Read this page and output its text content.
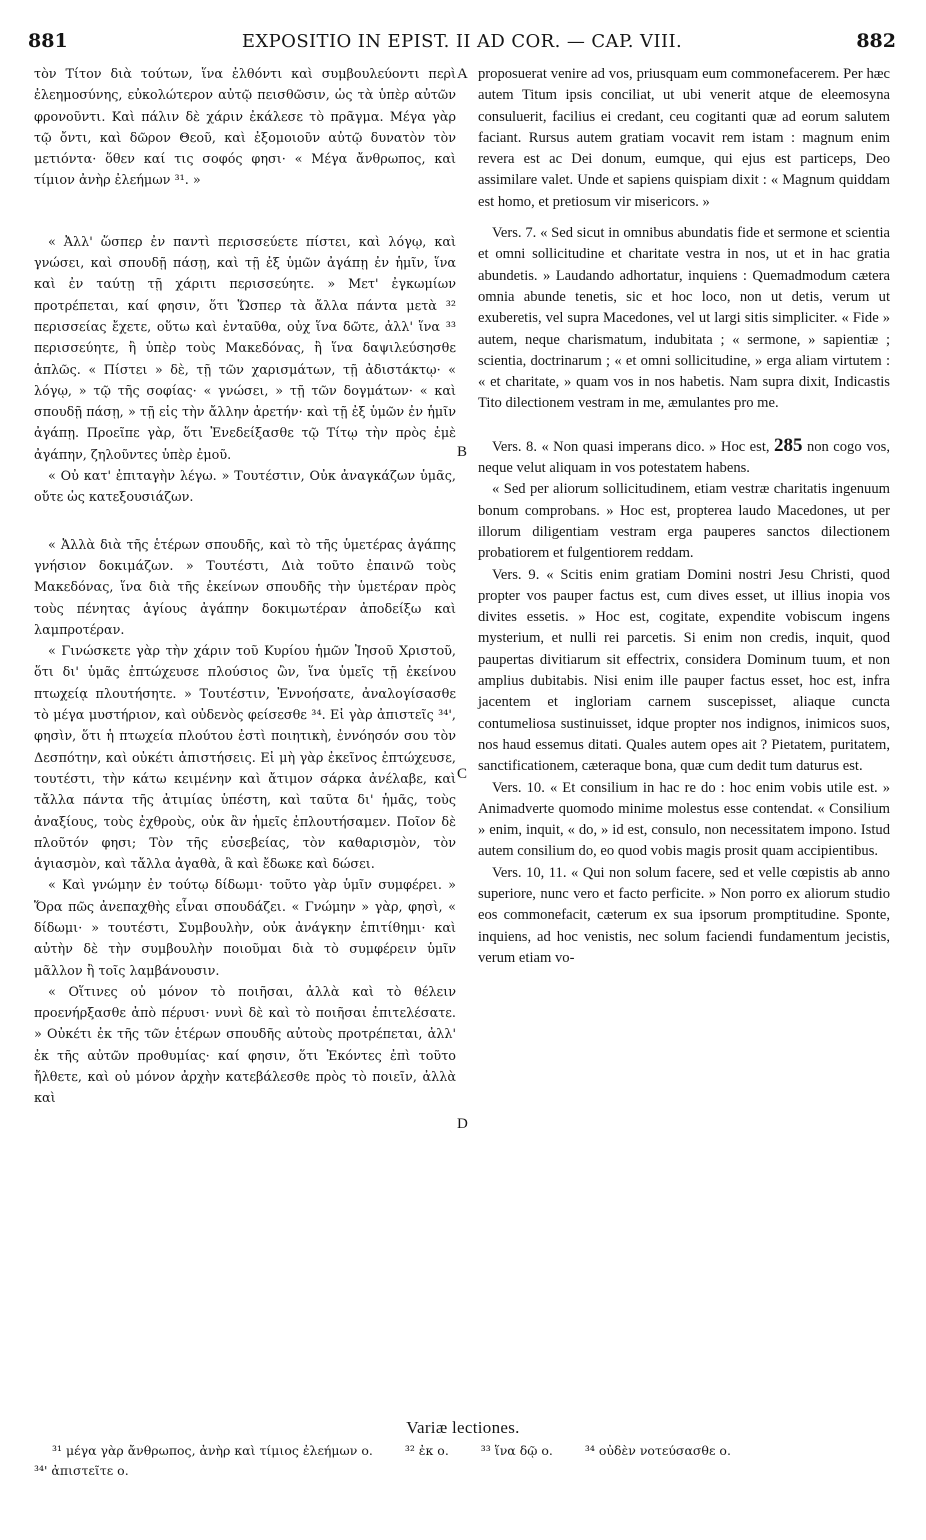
881	EXPOSITIO IN EPIST. II AD COR. — CAP. VIII.	882

τὸν Τίτον διὰ τούτων, ἵνα ἐλθόντι καὶ συμβουλεύοντι περὶ ἐλεημοσύνης, εὐκολώτερον αὐτῷ πεισθῶσιν, ὡς τὰ ὑπὲρ αὐτῶν φρονοῦντι. Καὶ πάλιν δὲ χάριν ἐκάλεσε τὸ πρᾶγμα. Μέγα γὰρ τῷ ὄντι, καὶ δῶρον Θεοῦ, καὶ ἐξομοιοῦν αὐτῷ δυνατὸν τὸν μετιόντα· ὅθεν καί τις σοφός φησι· « Μέγα ἄνθρωπος, καὶ τίμιον ἀνὴρ ἐλεήμων ³¹. »

« Ἀλλ' ὥσπερ ἐν παντὶ περισσεύετε πίστει, καὶ λόγῳ, καὶ γνώσει, καὶ σπουδῇ πάσῃ, καὶ τῇ ἐξ ὑμῶν ἀγάπῃ ἐν ἡμῖν, ἵνα καὶ ἐν ταύτῃ τῇ χάριτι περισσεύητε. » Μετ' ἐγκωμίων προτρέπεται, καί φησιν, ὅτι Ὥσπερ τὰ ἄλλα πάντα μετὰ ³² περισσείας ἔχετε, οὕτω καὶ ἐνταῦθα, οὐχ ἵνα δῶτε, ἀλλ' ἵνα ³³ περισσεύητε, ἢ ὑπὲρ τοὺς Μακεδόνας, ἢ ἵνα δαψιλεύσησθε ἁπλῶς. « Πίστει » δὲ, τῇ τῶν χαρισμάτων, τῇ ἀδιστάκτῳ· « λόγῳ, » τῷ τῆς σοφίας· « γνώσει, » τῇ τῶν δογμάτων· « καὶ σπουδῇ πάσῃ, » τῇ εἰς τὴν ἄλλην ἀρετήν· καὶ τῇ ἐξ ὑμῶν ἐν ἡμῖν ἀγάπῃ. Προεῖπε γὰρ, ὅτι Ἐνεδείξασθε τῷ Τίτῳ τὴν πρὸς ἐμὲ ἀγάπην, ζηλοῦντες ὑπὲρ ἐμοῦ.

« Οὐ κατ' ἐπιταγὴν λέγω. » Τουτέστιν, Οὐκ ἀναγκάζων ὑμᾶς, οὔτε ὡς κατεξουσιάζων.

« Ἀλλὰ διὰ τῆς ἑτέρων σπουδῆς, καὶ τὸ τῆς ὑμετέρας ἀγάπης γνήσιον δοκιμάζων. » Τουτέστι, Διὰ τοῦτο ἐπαινῶ τοὺς Μακεδόνας, ἵνα διὰ τῆς ἐκείνων σπουδῆς τὴν ὑμετέραν πρὸς τοὺς πένητας ἁγίους ἀγάπην δοκιμωτέραν ἀποδείξω καὶ λαμπροτέραν.

« Γινώσκετε γὰρ τὴν χάριν τοῦ Κυρίου ἡμῶν Ἰησοῦ Χριστοῦ, ὅτι δι' ὑμᾶς ἐπτώχευσε πλούσιος ὢν, ἵνα ὑμεῖς τῇ ἐκείνου πτωχείᾳ πλουτήσητε. » Τουτέστιν, Ἐννοήσατε, ἀναλογίσασθε τὸ μέγα μυστήριον, καὶ οὐδενὸς φείσεσθε ³⁴. Εἰ γὰρ ἀπιστεῖς ³⁴', φησὶν, ὅτι ἡ πτωχεία πλούτου ἐστὶ ποιητικὴ, ἐννόησόν σου τὸν Δεσπότην, καὶ οὐκέτι ἀπιστήσεις. Εἰ μὴ γὰρ ἐκεῖνος ἐπτώχευσε, τουτέστι, τὴν κάτω κειμένην καὶ ἄτιμον σάρκα ἀνέλαβε, καὶ τἄλλα πάντα τῆς ἀτιμίας ὑπέστη, καὶ ταῦτα δι' ἡμᾶς, τοὺς ἀναξίους, τοὺς ἐχθροὺς, οὐκ ἂν ἡμεῖς ἐπλουτήσαμεν. Ποῖον δὲ πλοῦτόν φησι; Τὸν τῆς εὐσεβείας, τὸν καθαρισμὸν, τὸν ἁγιασμὸν, καὶ τἄλλα ἀγαθὰ, ἃ καὶ ἔδωκε καὶ δώσει.

« Καὶ γνώμην ἐν τούτῳ δίδωμι· τοῦτο γὰρ ὑμῖν συμφέρει. » Ὅρα πῶς ἀνεπαχθὴς εἶναι σπουδάζει. « Γνώμην » γὰρ, φησὶ, « δίδωμι· » τουτέστι, Συμβουλὴν, οὐκ ἀνάγκην ἐπιτίθημι· καὶ αὐτὴν δὲ τὴν συμβουλὴν ποιοῦμαι διὰ τὸ συμφέρειν ὑμῖν μᾶλλον ἢ τοῖς λαμβάνουσιν.

« Οἵτινες οὐ μόνον τὸ ποιῆσαι, ἀλλὰ καὶ τὸ θέλειν προενήρξασθε ἀπὸ πέρυσι· νυνὶ δὲ καὶ τὸ ποιῆσαι ἐπιτελέσατε. » Οὐκέτι ἐκ τῆς τῶν ἑτέρων σπουδῆς αὐτοὺς προτρέπεται, ἀλλ' ἐκ τῆς αὐτῶν προθυμίας· καί φησιν, ὅτι Ἑκόντες ἐπὶ τοῦτο ἤλθετε, καὶ οὐ μόνον ἀρχὴν κατεβάλεσθε πρὸς τὸ ποιεῖν, ἀλλὰ καὶ

A
B
C
D

proposuerat venire ad vos, priusquam eum commonefacerem. Per hæc autem Titum ipsis conciliat, ut ubi venerit atque de eleemosyna consuluerit, facilius ei credant, ceu cogitanti quæ ad eorum salutem faciant. Rursus autem gratiam vocavit rem istam : magnum enim revera est ac Dei donum, eumque, qui ejus est particeps, Deo assimilare valet. Unde et sapiens quispiam dixit : « Magnum quiddam est homo, et pretiosum vir misericors. »

Vers. 7. « Sed sicut in omnibus abundatis fide et sermone et scientia et omni sollicitudine et charitate vestra in nos, ut et in hac gratia abundetis. » Laudando adhortatur, inquiens : Quemadmodum cætera omnia abunde tenetis, sic et hoc loco, non ut detis, verum ut exuberetis, vel supra Macedones, vel ut largi sitis simpliciter. « Fide » autem, neque charismatum, indubitata ; « sermone, » sapientiæ ; scientia, doctrinarum ; « et omni sollicitudine, » erga aliam virtutem : « et charitate, » quam vos in nos habetis. Nam supra dixit, Indicastis Tito dilectionem vestram in me, æmulantes pro me.

Vers. 8. « Non quasi imperans dico. » Hoc est, 285 non cogo vos, neque velut aliquam in vos potestatem habens.

« Sed per aliorum sollicitudinem, etiam vestræ charitatis ingenuum bonum comprobans. » Hoc est, propterea laudo Macedones, ut per illorum diligentiam vestram erga pauperes sanctos dilectionem probatiorem et fulgentiorem reddam.

Vers. 9. « Scitis enim gratiam Domini nostri Jesu Christi, quod propter vos pauper factus est, cum dives esset, ut illius inopia vos divites essetis. » Hoc est, cogitate, expendite vobiscum ingens mysterium, et nulli rei parcetis. Si enim non credis, inquit, quod paupertas divitiarum sit effectrix, considera Dominum tuum, et non amplius dubitabis. Nisi enim ille pauper factus esset, hoc est, infra jacentem et ingloriam carnem suscepisset, aliaque cuncta contumeliosa sustinuisset, idque propter nos indignos, inimicos suos, nos haud essemus ditati. Quales autem opes ait ? Pietatem, puritatem, sanctificationem, cæteraque bona, quæ cum dedit tum daturus est.

Vers. 10. « Et consilium in hac re do : hoc enim vobis utile est. » Animadverte quomodo minime molestus esse contendat. « Consilium » enim, inquit, « do, » id est, consulo, non necessitatem impono. Istud autem consilium do, eo quod vobis magis prosit quam accipientibus.

Vers. 10, 11. « Qui non solum facere, sed et velle cœpistis ab anno superiore, nunc vero et facto perficite. » Non porro ex aliorum studio eos commonefacit, cæterum ex sua ipsorum promptitudine. Sponte, inquiens, ad hoc venistis, nec solum faciendi fundamentum jecistis, verum etiam vo-

Variæ lectiones.
³¹ μέγα γὰρ ἄνθρωπος, ἀνὴρ καὶ τίμιος ἐλεήμων ο.	³² ἐκ ο.	³³ ἵνα δῷ ο.	³⁴ οὐδὲν νοτεύσασθε ο.
³⁴' ἀπιστεῖτε ο.
